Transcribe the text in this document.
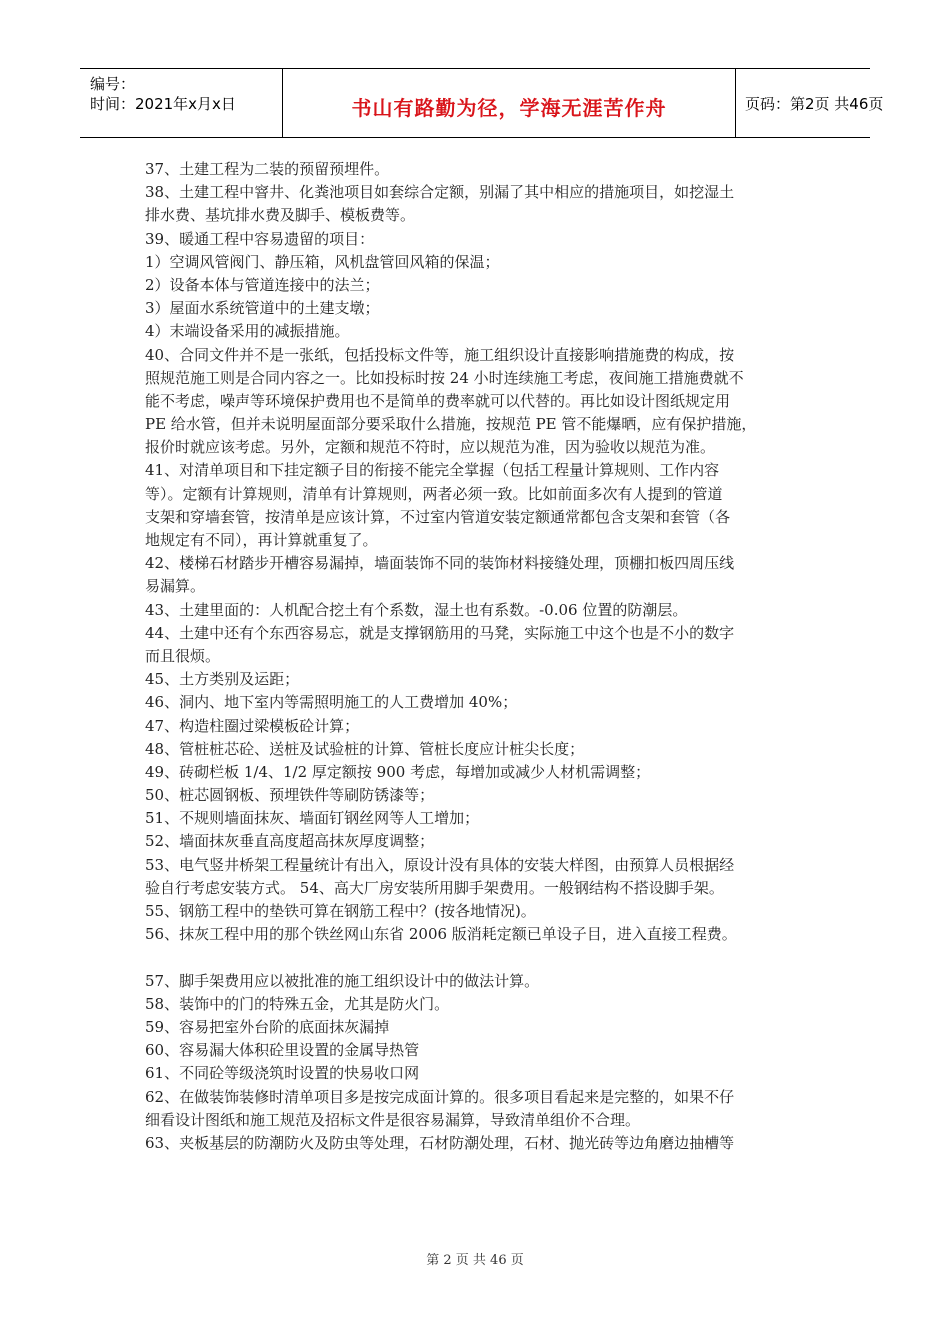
编号：
时间：2021年x月x日	书山有路勤为径，学海无涯苦作舟	页码：第2页 共46页
37、土建工程为二装的预留预埋件。
38、土建工程中窨井、化粪池项目如套综合定额，别漏了其中相应的措施项目，如挖湿土
排水费、基坑排水费及脚手、模板费等。
39、暖通工程中容易遗留的项目：
1）空调风管阀门、静压箱，风机盘管回风箱的保温；
2）设备本体与管道连接中的法兰；
3）屋面水系统管道中的土建支墩；
4）末端设备采用的减振措施。
40、合同文件并不是一张纸，包括投标文件等，施工组织设计直接影响措施费的构成，按
照规范施工则是合同内容之一。比如投标时按 24 小时连续施工考虑，夜间施工措施费就不
能不考虑，噪声等环境保护费用也不是简单的费率就可以代替的。再比如设计图纸规定用
PE 给水管，但并未说明屋面部分要采取什么措施，按规范 PE 管不能爆晒，应有保护措施，
报价时就应该考虑。另外，定额和规范不符时，应以规范为准，因为验收以规范为准。
41、对清单项目和下挂定额子目的衔接不能完全掌握（包括工程量计算规则、工作内容
等）。定额有计算规则，清单有计算规则，两者必须一致。比如前面多次有人提到的管道
支架和穿墙套管，按清单是应该计算，不过室内管道安装定额通常都包含支架和套管（各
地规定有不同），再计算就重复了。
42、楼梯石材踏步开槽容易漏掉，墙面装饰不同的装饰材料接缝处理，顶棚扣板四周压线
易漏算。
43、土建里面的：人机配合挖土有个系数，湿土也有系数。-0.06 位置的防潮层。
44、土建中还有个东西容易忘，就是支撑钢筋用的马凳，实际施工中这个也是不小的数字
而且很烦。
45、土方类别及运距；
46、洞内、地下室内等需照明施工的人工费增加 40%；
47、构造柱圈过梁模板砼计算；
48、管桩桩芯砼、送桩及试验桩的计算、管桩长度应计桩尖长度；
49、砖砌栏板 1/4、1/2 厚定额按 900 考虑，每增加或减少人材机需调整；
50、桩芯圆钢板、预埋铁件等刷防锈漆等；
51、不规则墙面抹灰、墙面钉钢丝网等人工增加；
52、墙面抹灰垂直高度超高抹灰厚度调整；
53、电气竖井桥架工程量统计有出入，原设计没有具体的安装大样图，由预算人员根据经
验自行考虑安装方式。 54、高大厂房安装所用脚手架费用。一般钢结构不搭设脚手架。
55、钢筋工程中的垫铁可算在钢筋工程中？(按各地情况)。
56、抹灰工程中用的那个铁丝网山东省 2006 版消耗定额已单设子目，进入直接工程费。
57、脚手架费用应以被批准的施工组织设计中的做法计算。
58、装饰中的门的特殊五金，尤其是防火门。
59、容易把室外台阶的底面抹灰漏掉
60、容易漏大体积砼里设置的金属导热管
61、不同砼等级浇筑时设置的快易收口网
62、在做装饰装修时清单项目多是按完成面计算的。很多项目看起来是完整的，如果不仔
细看设计图纸和施工规范及招标文件是很容易漏算，导致清单组价不合理。
63、夹板基层的防潮防火及防虫等处理，石材防潮处理，石材、抛光砖等边角磨边抽槽等
第 2 页 共 46 页
